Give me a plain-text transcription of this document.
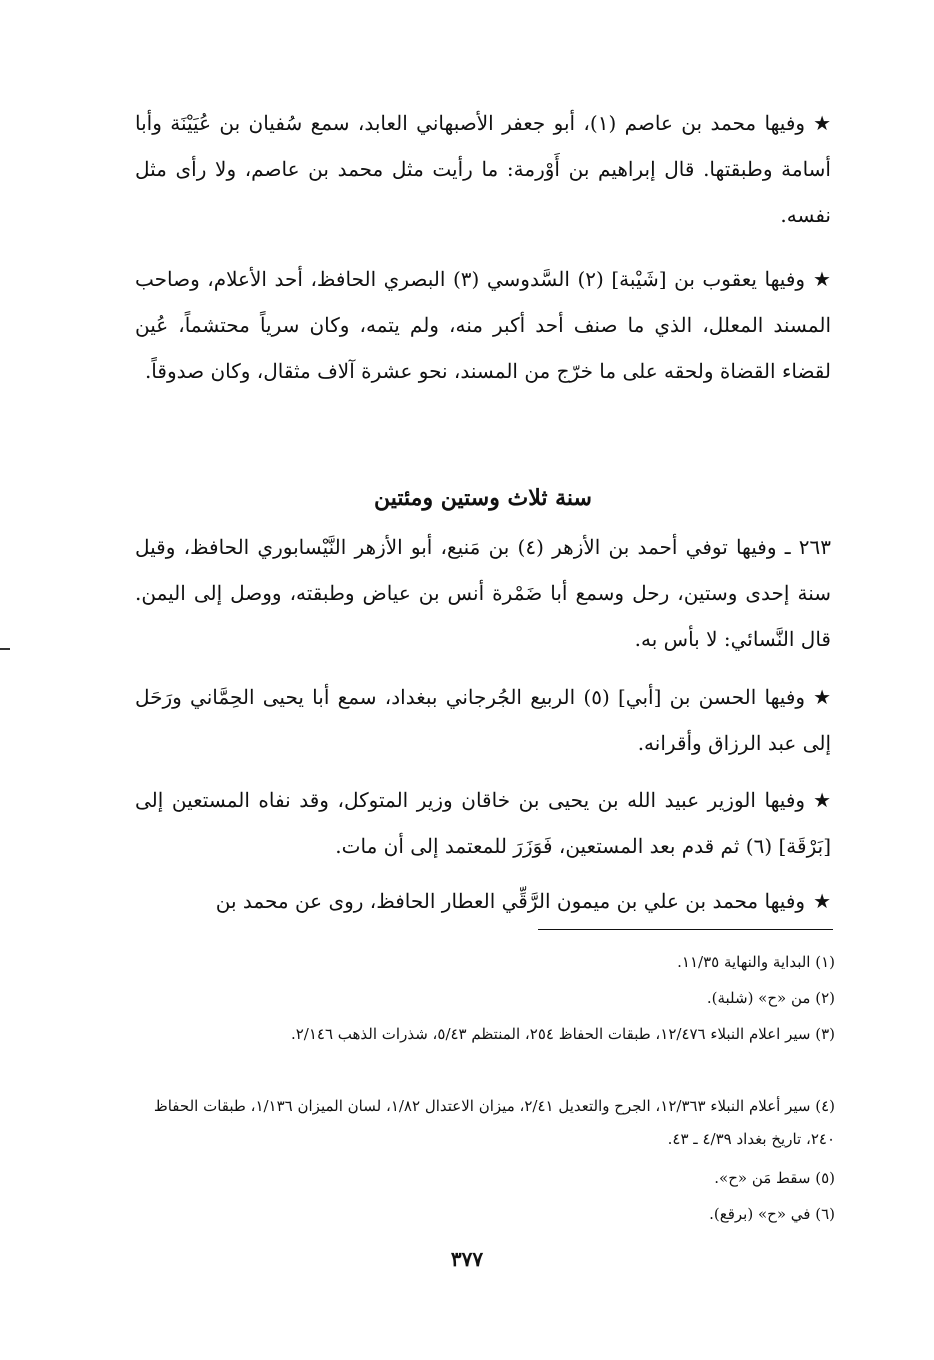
★وفيها محمد بن عاصم (١)، أبو جعفر الأصبهاني العابد، سمع سُفيان بن عُيَيْنَة وأبا أسامة وطبقتها. قال إبراهيم بن أَوْرمة: ما رأيت مثل محمد بن عاصم، ولا رأى مثل نفسه.
★وفيها يعقوب بن [شَيْبة] (٢) السَّدوسي (٣) البصري الحافظ، أحد الأعلام، وصاحب المسند المعلل، الذي ما صنف أحد أكبر منه، ولم يتمه، وكان سرياً محتشماً، عُين لقضاء القضاة ولحقه على ما خرّج من المسند، نحو عشرة آلاف مثقال، وكان صدوقاً.
سنة ثلاث وستين ومئتين
٢٦٣ ـ وفيها توفي أحمد بن الأزهر (٤) بن مَنيع، أبو الأزهر النَّيْسابوري الحافظ، وقيل سنة إحدى وستين، رحل وسمع أبا ضَمْرة أنس بن عياض وطبقته، ووصل إلى اليمن. قال النَّسائي: لا بأس به.
★وفيها الحسن بن [أبي] (٥) الربيع الجُرجاني ببغداد، سمع أبا يحيى الحِمَّاني ورَحَل إلى عبد الرزاق وأقرانه.
★وفيها الوزير عبيد الله بن يحيى بن خاقان وزير المتوكل، وقد نفاه المستعين إلى [بَرْقَة] (٦) ثم قدم بعد المستعين، فَوَزَرَ للمعتمد إلى أن مات.
★وفيها محمد بن علي بن ميمون الرَّقِّي العطار الحافظ، روى عن محمد بن
(١) البداية والنهاية ١١/٣٥.
(٢) من «ح» (شلبة).
(٣) سير اعلام النبلاء ١٢/٤٧٦، طبقات الحفاظ ٢٥٤، المنتظم ٥/٤٣، شذرات الذهب ٢/١٤٦.
(٤) سير أعلام النبلاء ١٢/٣٦٣، الجرح والتعديل ٢/٤١، ميزان الاعتدال ١/٨٢، لسان الميزان ١/١٣٦، طبقات الحفاظ ٢٤٠، تاريخ بغداد ٤/٣٩ ـ ٤٣.
(٥) سقط مَن «ح».
(٦) في «ح» (برقع).
٣٧٧
